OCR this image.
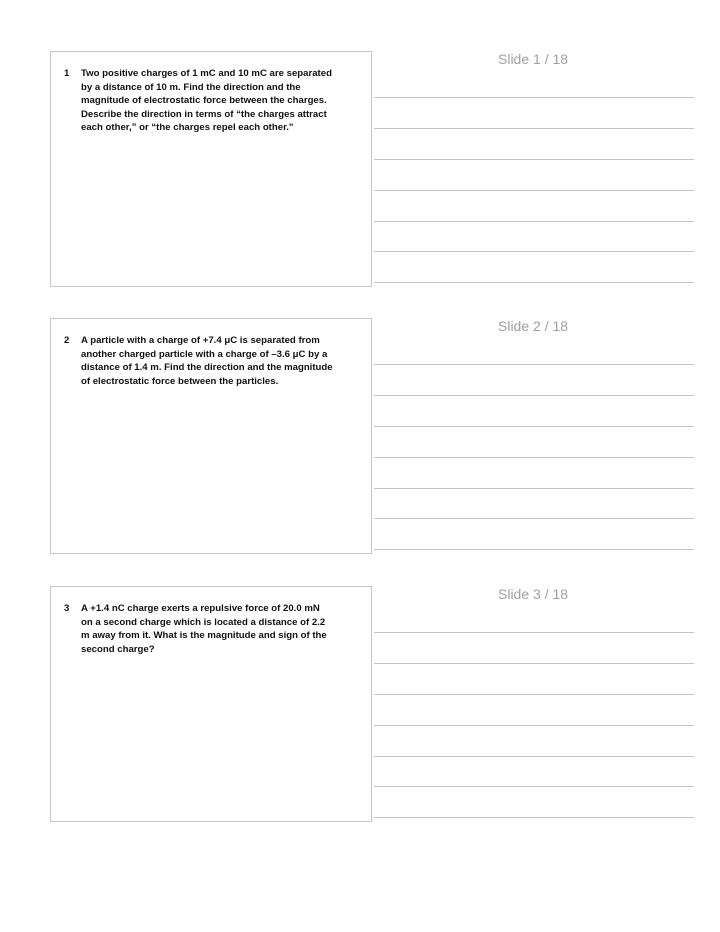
1	Two positive charges of 1 mC and 10 mC are separated by a distance of 10 m. Find the direction and the magnitude of electrostatic force between the charges. Describe the direction in terms of “the charges attract each other,” or “the charges repel each other."
Slide 1 / 18
2	A particle with a charge of +7.4 μC is separated from another charged particle with a charge of –3.6 μC by a distance of 1.4 m. Find the direction and the magnitude of electrostatic force between the particles.
Slide 2 / 18
3	A +1.4 nC charge exerts a repulsive force of 20.0 mN on a second charge which is located a distance of 2.2 m away from it. What is the magnitude and sign of the second charge?
Slide 3 / 18
